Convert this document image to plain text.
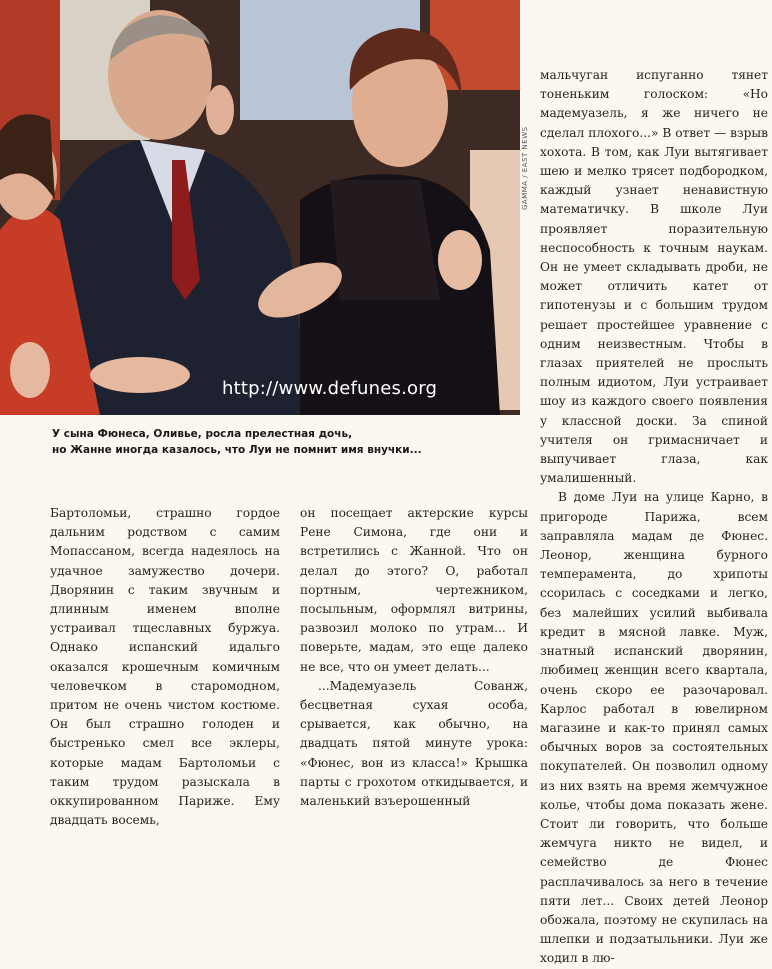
http://www.defunes.org
GAMMA / EAST NEWS
У сына Фюнеса, Оливье, росла прелестная дочь,
но Жанне иногда казалось, что Луи не помнит имя внучки...

мальчуган испуганно тянет тоненьким голоском: «Но мадемуазель, я же ничего не сделал плохого...» В ответ — взрыв хохота. В том, как Луи вытягивает шею и мелко трясет подбородком, каждый узнает ненавистную математичку. В школе Луи проявляет поразительную неспособность к точным наукам. Он не умеет складывать дроби, не может отличить катет от гипотенузы и с большим трудом решает простейшее уравнение с одним неизвестным. Чтобы в глазах приятелей не прослыть полным идиотом, Луи устраивает шоу из каждого своего появления у классной доски. За спиной учителя он гримасничает и выпучивает глаза, как умалишенный.

В доме Луи на улице Карно, в пригороде Парижа, всем заправляла мадам де Фюнес. Леонор, женщина бурного темперамента, до хрипоты ссорилась с соседками и легко, без малейших усилий выбивала кредит в мясной лавке. Муж, знатный испанский дворянин, любимец женщин всего квартала, очень скоро ее разочаровал. Карлос работал в ювелирном магазине и как-то принял самых обычных воров за состоятельных покупателей. Он позволил одному из них взять на время жемчужное колье, чтобы дома показать жене. Стоит ли говорить, что больше жемчуга никто не видел, и семейство де Фюнес расплачивалось за него в течение пяти лет... Своих детей Леонор обожала, поэтому не скупилась на шлепки и подзатыльники. Луи же ходил в лю-

Бартоломьи, страшно гордое дальним родством с самим Мопассаном, всегда надеялось на удачное замужество дочери. Дворянин с таким звучным и длинным именем вполне устраивал тщеславных буржуа. Однако испанский идальго оказался крошечным комичным человечком в старомодном, притом не очень чистом костюме. Он был страшно голоден и быстренько смел все эклеры, которые мадам Бартоломьи с таким трудом разыскала в оккупированном Париже. Ему двадцать восемь,

он посещает актерские курсы Рене Симона, где они и встретились с Жанной. Что он делал до этого? О, работал портным, чертежником, посыльным, оформлял витрины, развозил молоко по утрам... И поверьте, мадам, это еще далеко не все, что он умеет делать...

...Мадемуазель Сованж, бесцветная сухая особа, срывается, как обычно, на двадцать пятой минуте урока: «Фюнес, вон из класса!» Крышка парты с грохотом откидывается, и маленький взъерошенный
